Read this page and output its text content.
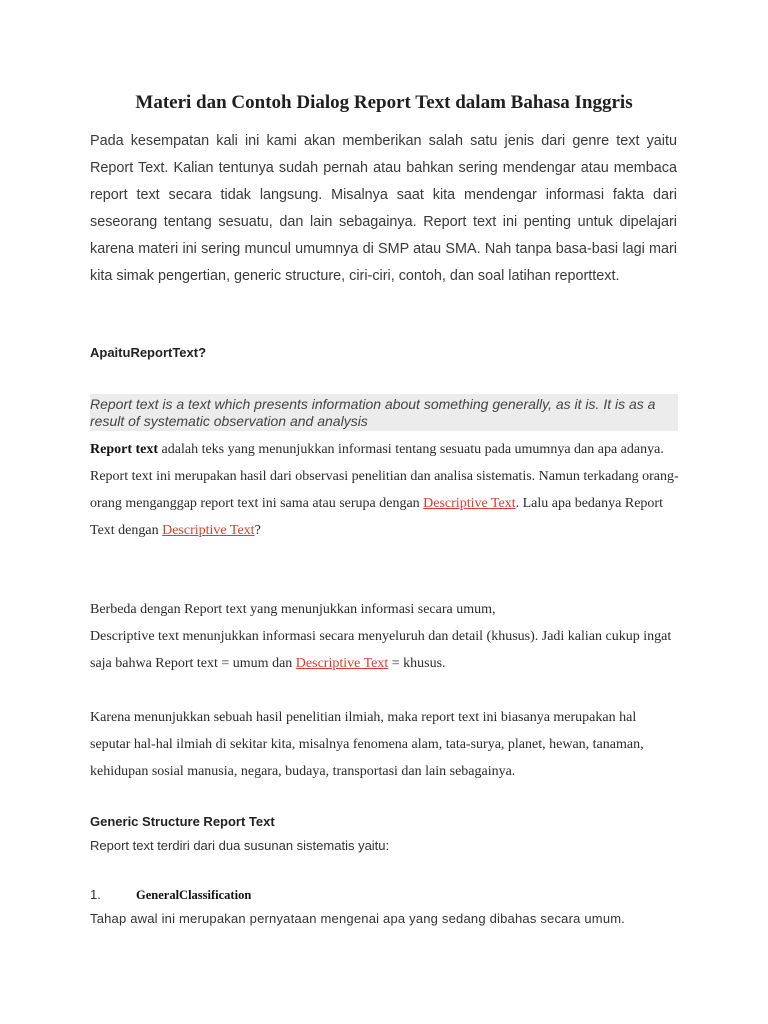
Materi dan Contoh Dialog Report Text dalam Bahasa Inggris
Pada kesempatan kali ini kami akan memberikan salah satu jenis dari genre text yaitu Report Text. Kalian tentunya sudah pernah atau bahkan sering mendengar atau membaca report text secara tidak langsung. Misalnya saat kita mendengar informasi fakta dari seseorang tentang sesuatu, dan lain sebagainya. Report text ini penting untuk dipelajari karena materi ini sering muncul umumnya di SMP atau SMA. Nah tanpa basa-basi lagi mari kita simak pengertian, generic structure, ciri-ciri, contoh, dan soal latihan reporttext.
ApaituReportText?
Report text is a text which presents information about something generally, as it is. It is as a result of systematic observation and analysis
Report text adalah teks yang menunjukkan informasi tentang sesuatu pada umumnya dan apa adanya. Report text ini merupakan hasil dari observasi penelitian dan analisa sistematis. Namun terkadang orang-orang menganggap report text ini sama atau serupa dengan Descriptive Text. Lalu apa bedanya Report Text dengan Descriptive Text?
Berbeda dengan Report text yang menunjukkan informasi secara umum,
Descriptive text menunjukkan informasi secara menyeluruh dan detail (khusus). Jadi kalian cukup ingat saja bahwa Report text = umum dan Descriptive Text = khusus.
Karena menunjukkan sebuah hasil penelitian ilmiah, maka report text ini biasanya merupakan hal seputar hal-hal ilmiah di sekitar kita, misalnya fenomena alam, tata-surya, planet, hewan, tanaman, kehidupan sosial manusia, negara, budaya, transportasi dan lain sebagainya.
Generic Structure Report Text
Report text terdiri dari dua susunan sistematis yaitu:
1.	GeneralClassification
Tahap awal ini merupakan pernyataan mengenai apa yang sedang dibahas secara umum.
